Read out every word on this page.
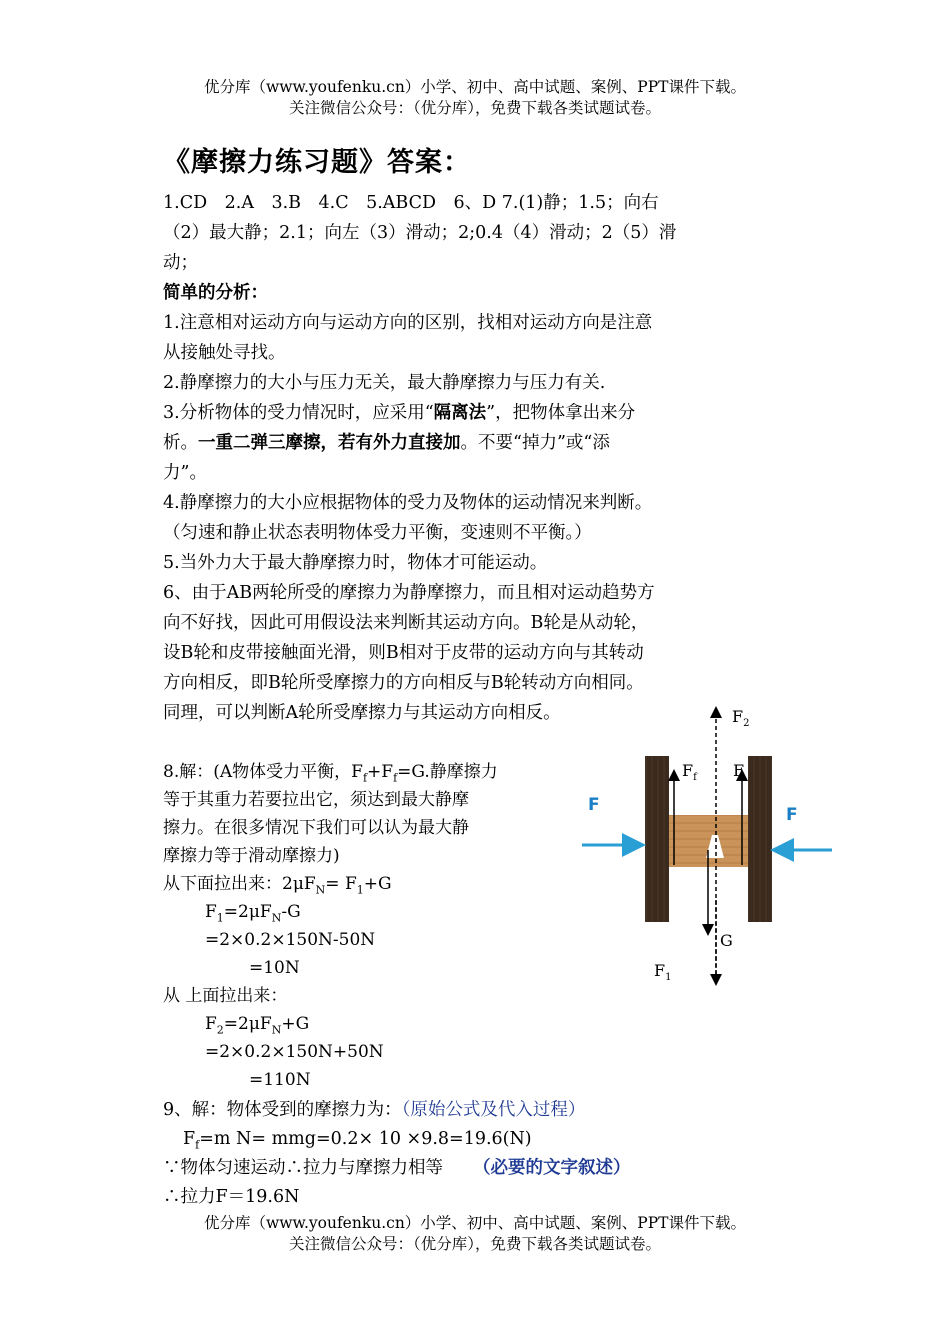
优分库（www.youfenku.cn）小学、初中、高中试题、案例、PPT课件下载。
关注微信公众号：（优分库），免费下载各类试题试卷。
《摩擦力练习题》答案：
1.CD　2.A　3.B　4.C　5.ABCD　6、D 7.(1)静；1.5；向右
（2）最大静；2.1；向左（3）滑动；2;0.4（4）滑动；2（5）滑
动；
简单的分析：
1.注意相对运动方向与运动方向的区别，找相对运动方向是注意
从接触处寻找。
2.静摩擦力的大小与压力无关，最大静摩擦力与压力有关.
3.分析物体的受力情况时，应采用“隔离法”，把物体拿出来分
析。一重二弹三摩擦，若有外力直接加。不要“掉力”或“添
力”。
4.静摩擦力的大小应根据物体的受力及物体的运动情况来判断。
（匀速和静止状态表明物体受力平衡，变速则不平衡。）
5.当外力大于最大静摩擦力时，物体才可能运动。
6、由于AB两轮所受的摩擦力为静摩擦力，而且相对运动趋势方
向不好找，因此可用假设法来判断其运动方向。B轮是从动轮，
设B轮和皮带接触面光滑，则B相对于皮带的运动方向与其转动
方向相反，即B轮所受摩擦力的方向相反与B轮转动方向相同。
同理，可以判断A轮所受摩擦力与其运动方向相反。
8.解：(A物体受力平衡，$F_f+F_f=G$.静摩擦力
等于其重力若要拉出它，须达到最大静摩
擦力。在很多情况下我们可以认为最大静
摩擦力等于滑动摩擦力)
从下面拉出来：$2\mu F_N= F_1+G$
$F_1=2\mu F_N-G$
=2×0.2×150N-50N
=10N
从 上面拉出来：
$F_2=2\mu F_N+G$
=2×0.2×150N+50N
=110N
9、解：物体受到的摩擦力为：（原始公式及代入过程）
$F_f=m$ N= mmg=0.2× 10 ×9.8=19.6(N)
∵物体匀速运动∴拉力与摩擦力相等 （必要的文字叙述）
∴拉力F＝19.6N
$F_2$
$F_f$ F
F	F
G
$F_1$
优分库（www.youfenku.cn）小学、初中、高中试题、案例、PPT课件下载。
关注微信公众号：（优分库），免费下载各类试题试卷。
